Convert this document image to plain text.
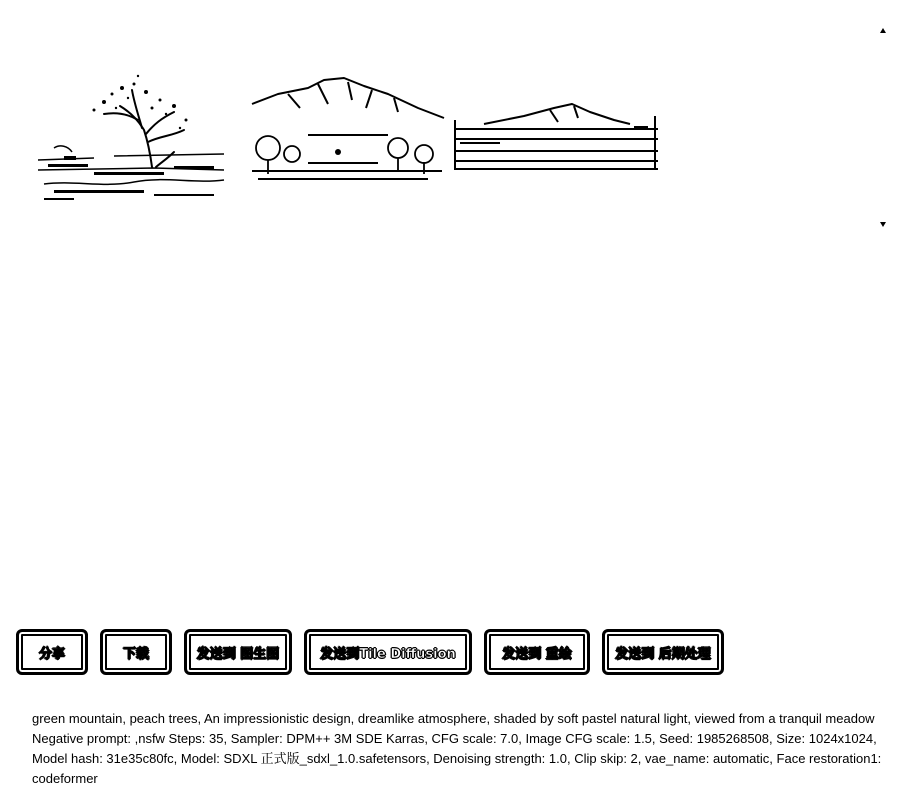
分享	下载	发送到 图生图	发送到Tile Diffusion	发送到 重绘	发送到 后期处理
green mountain, peach trees, An impressionistic design, dreamlike atmosphere, shaded by soft pastel natural light, viewed from a tranquil meadow Negative prompt: ,nsfw Steps: 35, Sampler: DPM++ 3M SDE Karras, CFG scale: 7.0, Image CFG scale: 1.5, Seed: 1985268508, Size: 1024x1024, Model hash: 31e35c80fc, Model: SDXL 正式版_sdxl_1.0.safetensors, Denoising strength: 1.0, Clip skip: 2, vae_name: automatic, Face restoration1: codeformer
